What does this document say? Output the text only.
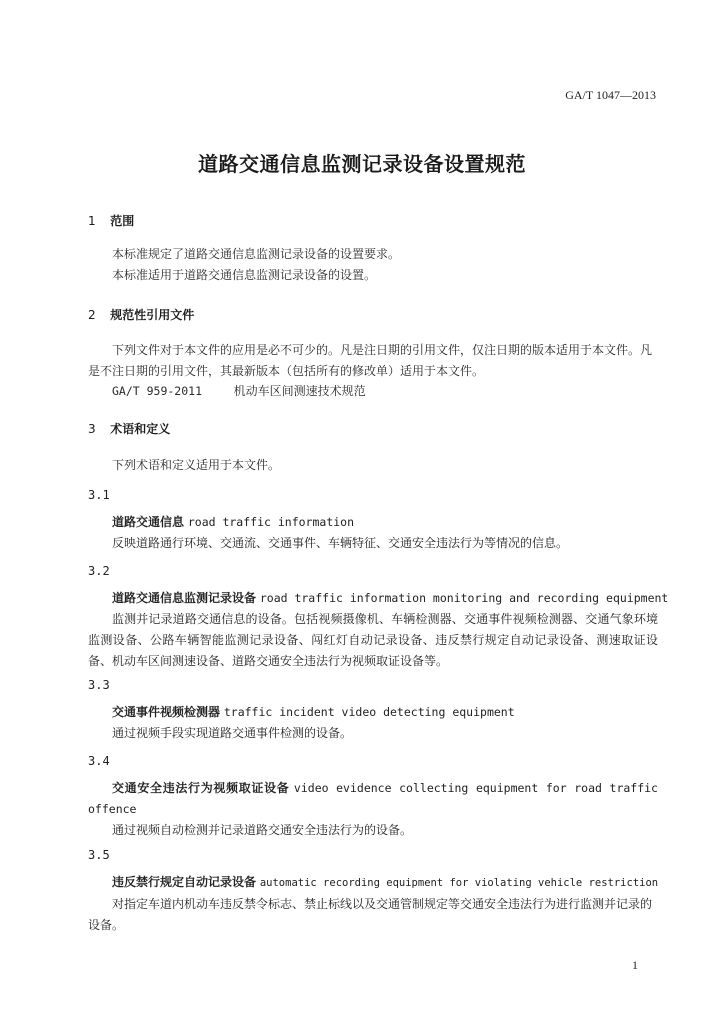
GA/T 1047—2013
道路交通信息监测记录设备设置规范
1 范围

本标准规定了道路交通信息监测记录设备的设置要求。

本标准适用于道路交通信息监测记录设备的设置。

2 规范性引用文件

下列文件对于本文件的应用是必不可少的。凡是注日期的引用文件，仅注日期的版本适用于本文件。凡是不注日期的引用文件，其最新版本（包括所有的修改单）适用于本文件。

GA/T 959-2011	机动车区间测速技术规范
3 术语和定义

下列术语和定义适用于本文件。

3.1

道路交通信息 road traffic information

反映道路通行环境、交通流、交通事件、车辆特征、交通安全违法行为等情况的信息。

3.2

道路交通信息监测记录设备 road traffic information monitoring and recording equipment

监测并记录道路交通信息的设备。包括视频摄像机、车辆检测器、交通事件视频检测器、交通气象环境监测设备、公路车辆智能监测记录设备、闯红灯自动记录设备、违反禁行规定自动记录设备、测速取证设备、机动车区间测速设备、道路交通安全违法行为视频取证设备等。

3.3

交通事件视频检测器 traffic incident video detecting equipment

通过视频手段实现道路交通事件检测的设备。

3.4

交通安全违法行为视频取证设备 video evidence collecting equipment for road traffic offence

通过视频自动检测并记录道路交通安全违法行为的设备。

3.5

违反禁行规定自动记录设备 automatic recording equipment for violating vehicle restriction

对指定车道内机动车违反禁令标志、禁止标线以及交通管制规定等交通安全违法行为进行监测并记录的设备。

1
